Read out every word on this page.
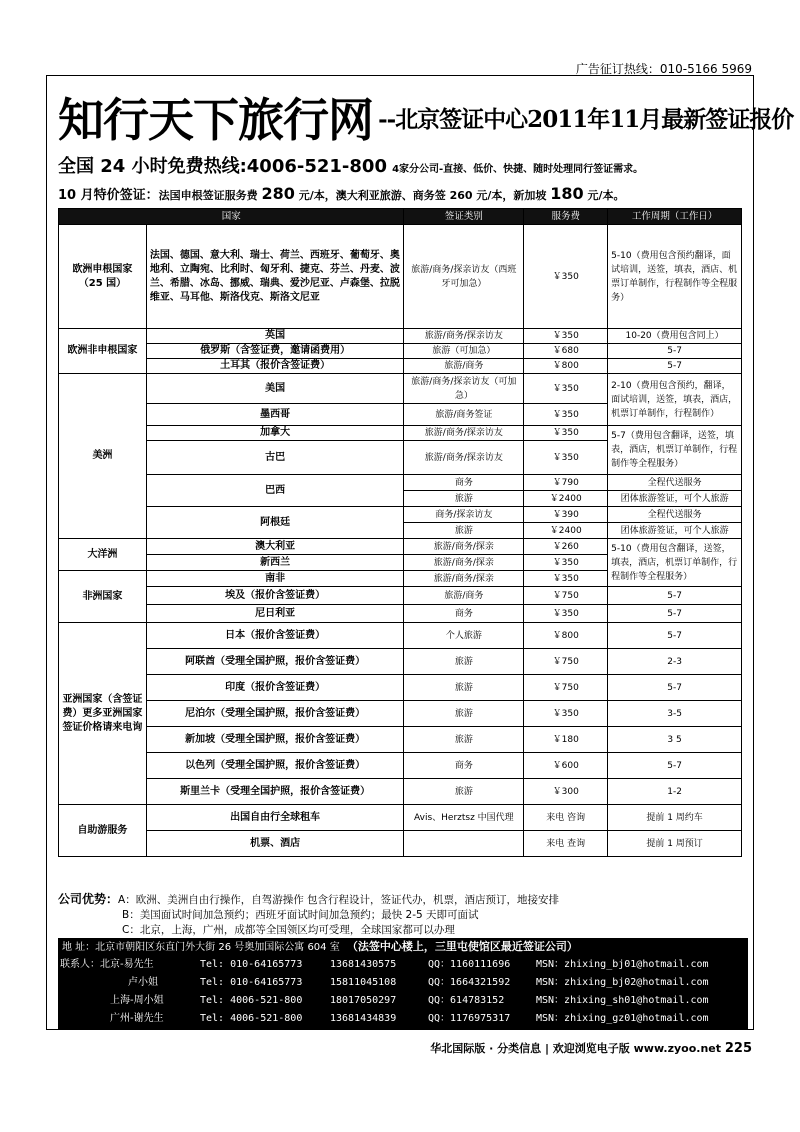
广告征订热线：010-5166 5969
知行天下旅行网 --北京签证中心2011年11月最新签证报价
全国 24 小时免费热线:4006-521-800 4家分公司-直接、低价、快捷、随时处理同行签证需求。
10 月特价签证：法国申根签证服务费 280 元/本，澳大利亚旅游、商务签 260 元/本，新加坡 180 元/本。
国家		签证类别	服务费	工作周期（工作日）
欧洲申根国家（25 国）	法国、德国、意大利、瑞士、荷兰、西班牙、葡萄牙、奥地利、立陶宛、比利时、匈牙利、捷克、芬兰、丹麦、波兰、希腊、冰岛、挪威、瑞典、爱沙尼亚、卢森堡、拉脱维亚、马耳他、斯洛伐克、斯洛文尼亚	旅游/商务/探亲访友（西班牙可加急）	￥350	5-10（费用包含预约翻译，面试培训，送签，填表，酒店、机票订单制作，行程制作等全程服务）
欧洲非申根国家	英国	旅游/商务/探亲访友	￥350	10-20（费用包含同上）
	俄罗斯（含签证费，邀请函费用）	旅游（可加急）	￥680	5-7
	土耳其（报价含签证费）	旅游/商务	￥800	5-7
美洲	美国	旅游/商务/探亲访友（可加急）	￥350	2-10（费用包含预约，翻译，面试培训，送签，填表，酒店，机票订单制作，行程制作）
	墨西哥	旅游/商务签证	￥350	
	加拿大	旅游/商务/探亲访友	￥350	5-7（费用包含翻译，送签，填表，酒店，机票订单制作，行程制作等全程服务）
	古巴	旅游/商务/探亲访友	￥350	
	巴西	商务	￥790	全程代送服务
		旅游	￥2400	团体旅游签证，可个人旅游
	阿根廷	商务/探亲访友	￥390	全程代送服务
		旅游	￥2400	团体旅游签证，可个人旅游
大洋洲	澳大利亚	旅游/商务/探亲	￥260	5-10（费用包含翻译，送签，填表，酒店，机票订单制作，行程制作等全程服务）
	新西兰	旅游/商务/探亲	￥350	
非洲国家	南非	旅游/商务/探亲	￥350	
	埃及（报价含签证费）	旅游/商务	￥750	5-7
	尼日利亚	商务	￥350	5-7
亚洲国家（含签证费）更多亚洲国家签证价格请来电询	日本（报价含签证费）	个人旅游	￥800	5-7
	阿联酋（受理全国护照，报价含签证费）	旅游	￥750	2-3
	印度（报价含签证费）	旅游	￥750	5-7
	尼泊尔（受理全国护照，报价含签证费）	旅游	￥350	3-5
	新加坡（受理全国护照，报价含签证费）	旅游	￥180	3 5
	以色列（受理全国护照，报价含签证费）	商务	￥600	5-7
	斯里兰卡（受理全国护照，报价含签证费）	旅游	￥300	1-2
自助游服务	出国自由行全球租车	Avis、Herztsz 中国代理	来电 咨询	提前 1 周约车
	机票、酒店		来电 查询	提前 1 周预订
公司优势：A：欧洲、美洲自由行操作，自驾游操作 包含行程设计，签证代办，机票，酒店预订，地接安排
B：美国面试时间加急预约；西班牙面试时间加急预约；最快 2-5 天即可面试
C：北京，上海，广州，成都等全国领区均可受理，全球国家都可以办理
地 址：北京市朝阳区东直门外大街 26 号奥加国际公寓 604 室 （法签中心楼上，三里屯使馆区最近签证公司）
联系人： 北京-易先生	Tel: 010-64165773	13681430575	QQ：1160111696	MSN：zhixing_bj01@hotmail.com
卢小姐	Tel: 010-64165773	15811045108	QQ：1664321592	MSN：zhixing_bj02@hotmail.com
上海-周小姐	Tel: 4006-521-800	18017050297	QQ：614783152	MSN：zhixing_sh01@hotmail.com
广州-谢先生	Tel: 4006-521-800	13681434839	QQ：1176975317	MSN：zhixing_gz01@hotmail.com
华北国际版 · 分类信息 | 欢迎浏览电子版 www.zyoo.net 225
